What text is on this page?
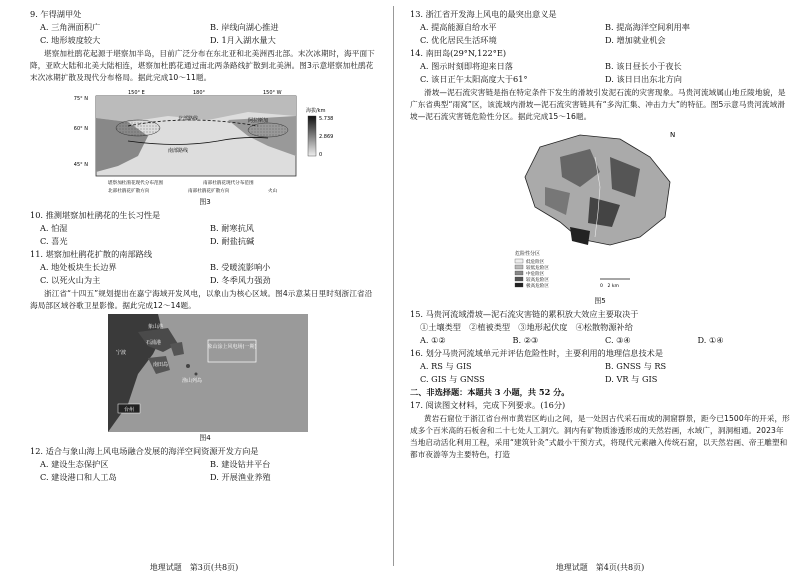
9. 乍得湖甲处
A. 三角洲面积广	B. 岸线向湖心推进
C. 地形坡度较大	D. 1月入湖水量大

堪察加杜鹃花起源于堪察加半岛，目前广泛分布在东北亚和北美洲西北部。末次冰期时，海平面下降，亚欧大陆和北美大陆相连，堪察加杜鹃花通过南北两条路线扩散到北美洲。图3示意堪察加杜鹃花末次冰期扩散及现代分布格局。据此完成10～11题。

75° N
60° N
45° N
150° E	180°	150° W
北部路线
南部路线
阿拉斯加
海拔/km
5.738
2.869
0
堪察加杜鹃花现代分布范围	南部杜鹃花现代分布范围
北部杜鹃花扩散方向	南部杜鹃花扩散方向	火山
图3
10. 推测堪察加杜鹃花的生长习性是
A. 怕湿	B. 耐寒抗风
C. 喜光	D. 耐盐抗碱
11. 堪察加杜鹃花扩散的南部路线
A. 地处板块生长边界	B. 受暖流影响小
C. 以死火山为主	D. 冬季风力强劲

浙江省“十四五”规划提出在嘉宁海域开发风电，以象山为核心区域。图4示意某日里时刻浙江省沿海局部区域谷歌卫星影像。据此完成12～14题。

象山涂上风电场(一期)
象山港
石浦港
南田岛
渔山列岛
宁波
台州
图4
12. 适合与象山海上风电场融合发展的海洋空间资源开发方向是
A. 建设生态保护区	B. 建设钻井平台
C. 建设港口和人工岛	D. 开展渔业养殖
地理试题　第3页(共8页)
13. 浙江省开发海上风电的最突出意义是
A. 提高能源自给水平	B. 提高海洋空间利用率
C. 优化居民生活环境	D. 增加就业机会
14. 南田岛(29°N,122°E)
A. 图示时刻即将迎来日落	B. 该日昼长小于夜长
C. 该日正午太阳高度大于61°	D. 该日日出东北方向

滑坡—泥石流灾害链是指在特定条件下发生的滑坡引发泥石流的灾害现象。马贵河流域属山地丘陵地貌，是广东省典型“雨窝”区，该流域内滑坡—泥石流灾害链具有“多沟汇集、冲击力大”的特征。图5示意马贵河流域滑坡—泥石流灾害链危险性分区。据此完成15～16题。

N
危险性分区
低危险区
较低危险区
中危险区
较高危险区
极高危险区	0　2 km
图5
15. 马贵河流域滑坡—泥石流灾害链的累积放大效应主要取决于
①土壤类型　②植被类型　③地形起伏度　④松散物源补给
A. ①②	B. ②③	C. ③④	D. ①④
16. 划分马贵河流域单元并评估危险性时，主要利用的地理信息技术是
A. RS 与 GIS	B. GNSS 与 RS
C. GIS 与 GNSS	D. VR 与 GIS
二、非选择题：本题共 3 小题，共 52 分。
17. 阅读图文材料，完成下列要求。(16分)

黄岩石窟位于浙江省台州市黄岩区屿山之间，是一处因古代采石而成的洞窟群景，距今已1500年的开采，形成多个百米高的石板舍和二十七处人工洞穴。洞内有矿物质渗透形成的天然岩画，水域广，洞洞相通。2023年当地启动活化利用工程，采用“建筑针灸”式最小干预方式，将现代元素融入传统石窟，以天然岩画、帝王雕塑和都市夜游等为主要特色，打造

地理试题　第4页(共8页)
